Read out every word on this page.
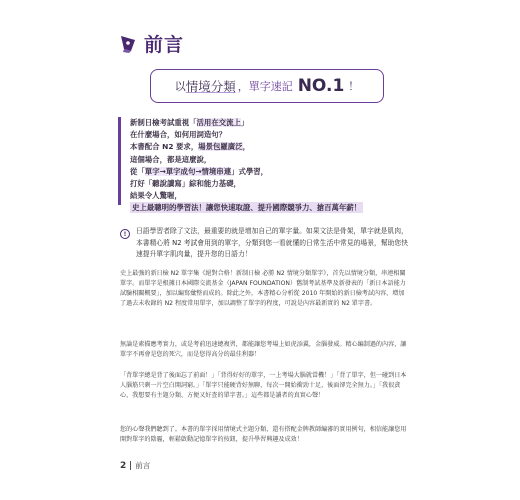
前言
以 情境分類 ，單字速記 NO.1 ！
新制日檢考試重視「活用在交流上」
在什麼場合，如何用詞造句？
本書配合 N2 要求，場景包羅廣泛，
這個場合，都是這麼說，
從「單字→單字成句→情境串連」式學習，
打好「聽說讀寫」綜和能力基礎，
結果令人驚喔，
史上最聰明的學習法！讓您快速取證、提升國際競爭力、搶百萬年薪！
!	日語學習者除了文法，最重要的就是增加自己的單字量。如果文法是骨架，單字就是肌肉，本書精心將 N2 考試會用到的單字，分類到您一看就懂的日常生活中常見的場景，幫助您快速提升單字肌肉量，提升您的日語力！

史上最強的新日檢 N2 單字集《絕對合格！新制日檢 必勝 N2 情境分類單字》，首先以情境分類，串連相關單字。而單字是根據日本國際交流基金（JAPAN FOUNDATION）舊制考試基準及新發表的「新日本語能力試驗相關概要」，加以編寫彙整而成的。除此之外，本書精心分析從 2010 年開始的新日檢考試內容，增加了過去未收錄的 N2 程度常用單字，加以調整了單字的程度，可說是內容最新實的 N2 單字書。

無論是素描應考實力，或是考前迅速總複習，都能讓您考場上如虎添翼，金腦發威。精心編制過的內容，讓單字不再會是您的死穴，而是您得高分的最佳利器！

「背單字總是背了後面忘了前面！」「背得好好的單字，一上考場大腦就當機！」「背了單字，但一碰到日本人腦筋只剩一片空白開詞窮。」「單字只能硬背好無聊，每次一開始衝勁十足，後面卻完全無力。」「我很貪心，我想要有主題分類、方便又好查的單字書。」這些都是讀者的真實心聲！

您的心聲我們聽到了。本書的單字採用情境式主題分類，還有搭配金牌教師編審的實用例句，相信能讓您用開對單字的陰霾，輕鬆啟動記憶單字的按鈕，提升學習興趣及成效！

2 前言
